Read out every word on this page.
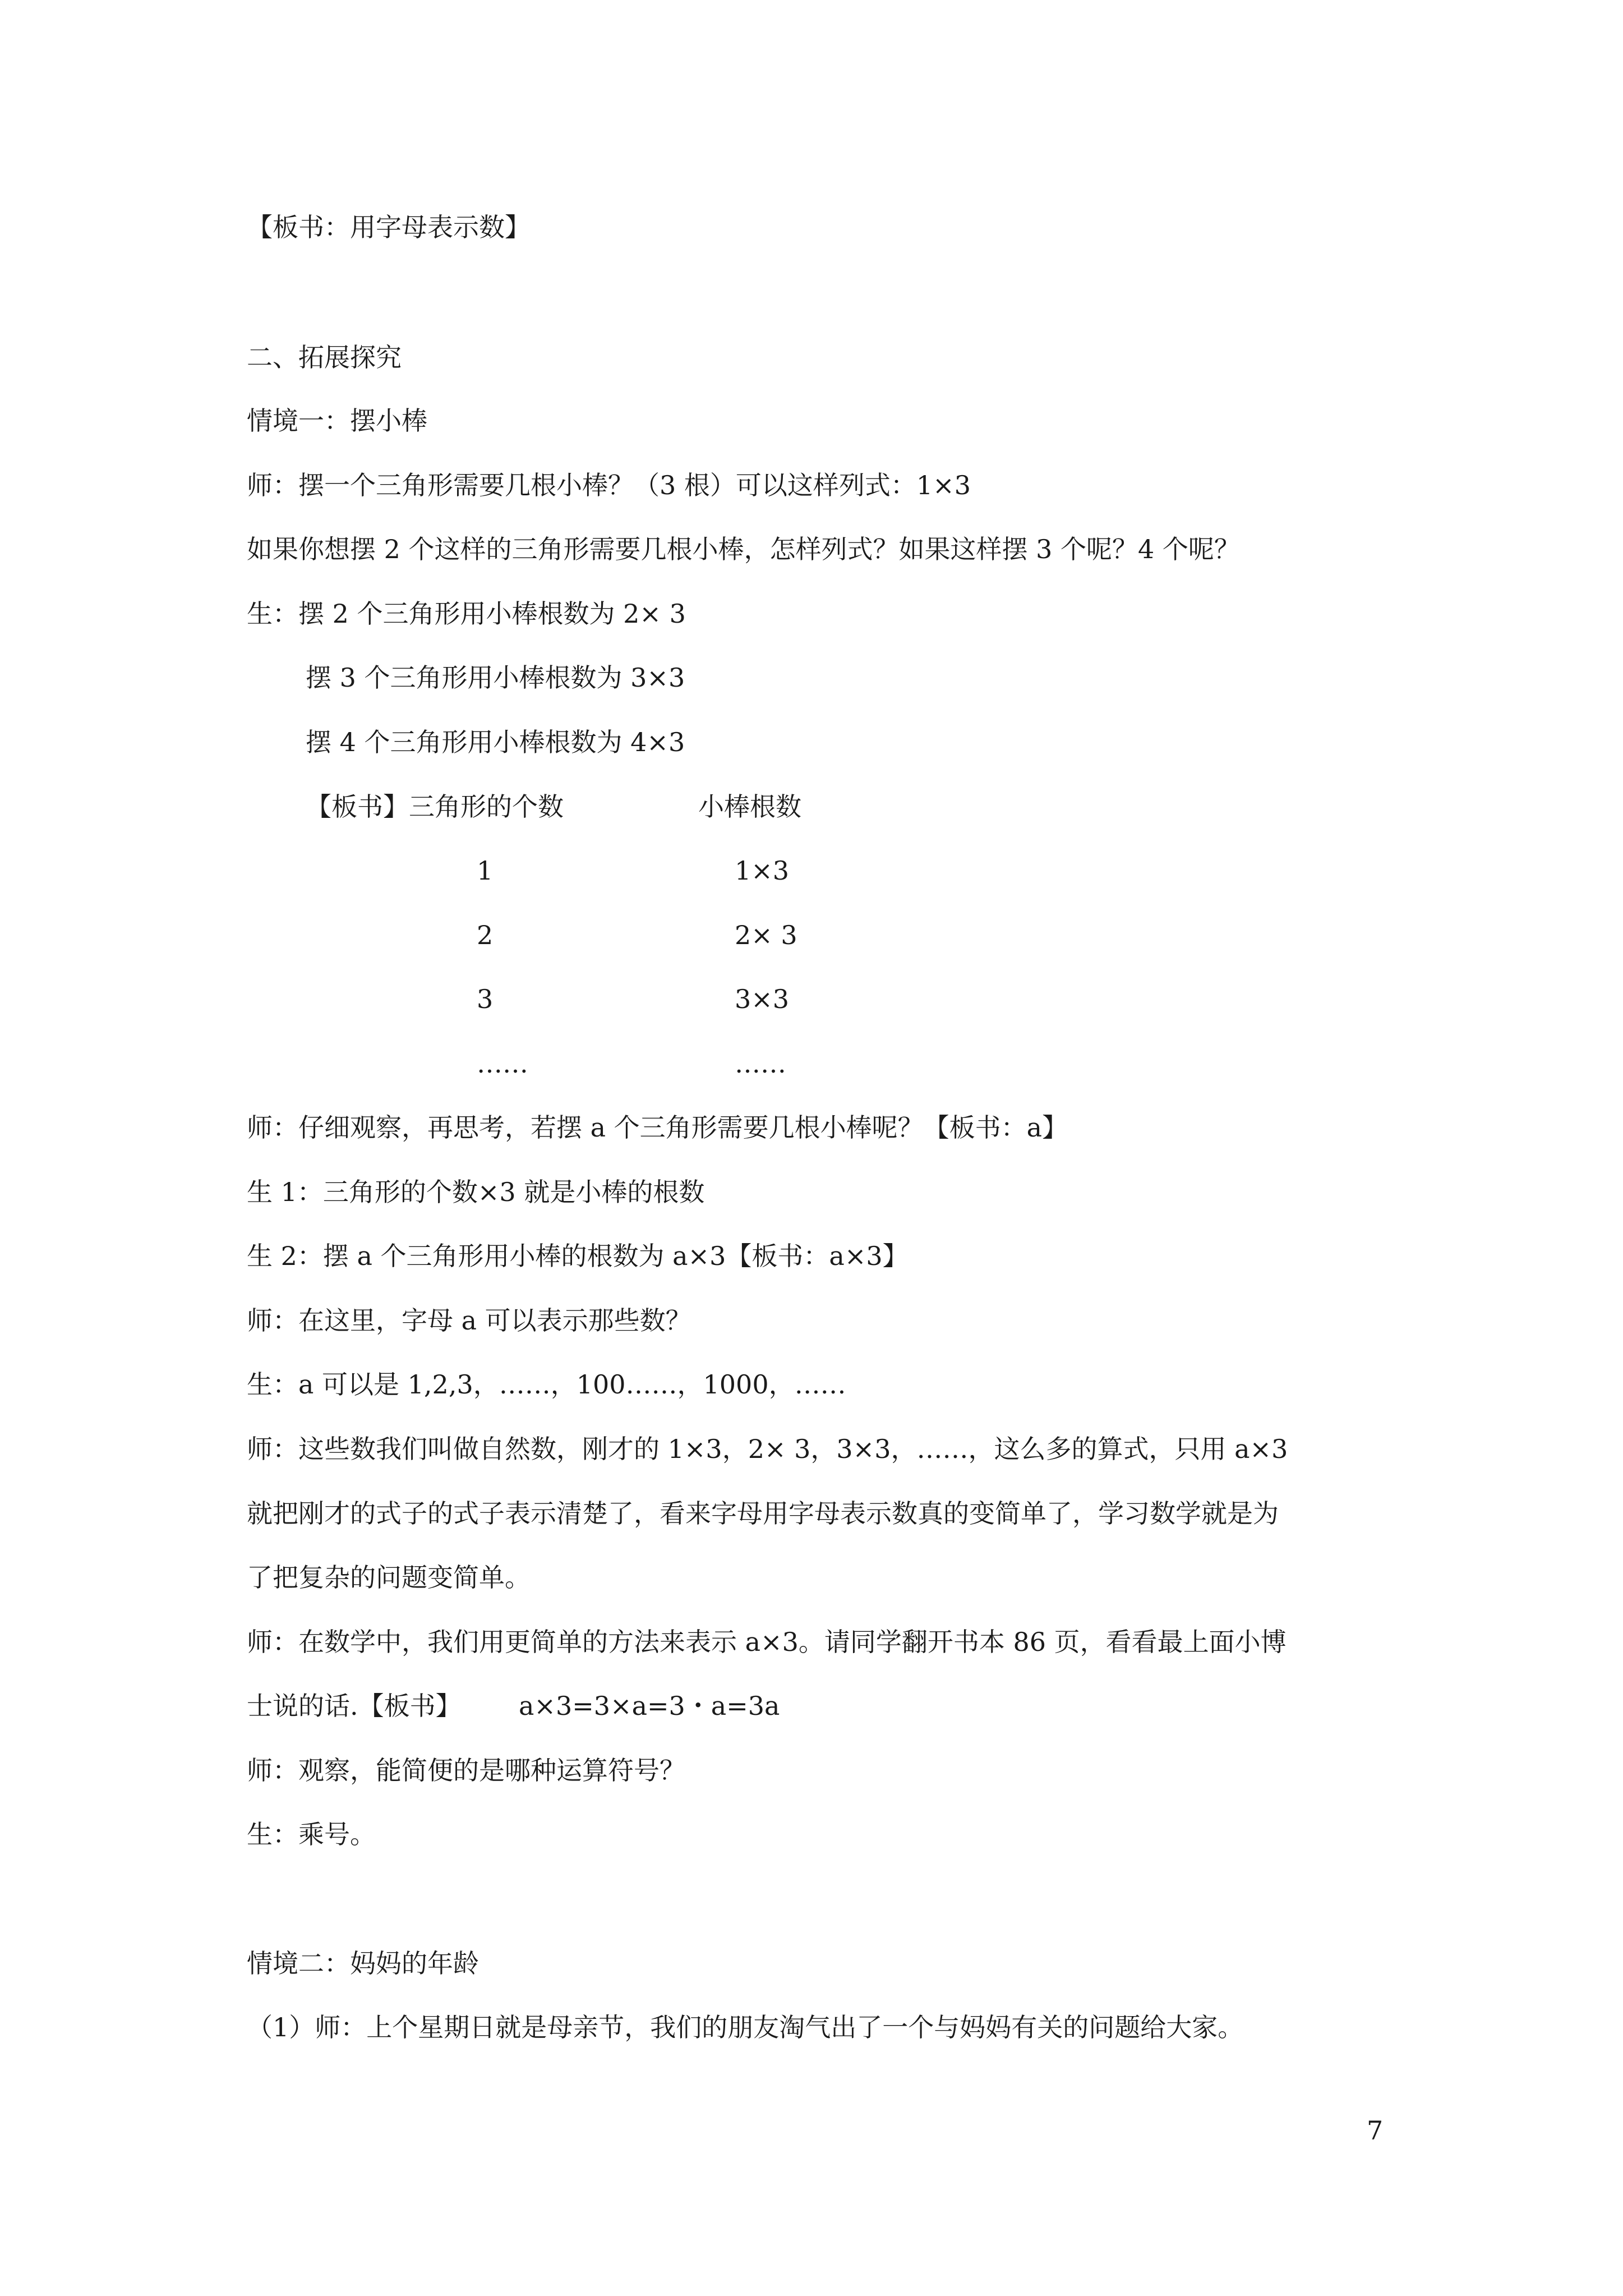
【板书：用字母表示数】
二、拓展探究
情境一：摆小棒
师：摆一个三角形需要几根小棒？（3 根）可以这样列式：1×3
如果你想摆 2 个这样的三角形需要几根小棒，怎样列式？如果这样摆 3 个呢？4 个呢？
生：摆 2 个三角形用小棒根数为 2× 3
摆 3 个三角形用小棒根数为 3×3
摆 4 个三角形用小棒根数为 4×3
【板书】三角形的个数	小棒根数
1	1×3
2	2× 3
3	3×3
……	……
师：仔细观察，再思考，若摆 a 个三角形需要几根小棒呢？【板书：a】
生 1：三角形的个数×3 就是小棒的根数
生 2：摆 a 个三角形用小棒的根数为 a×3【板书：a×3】
师：在这里，字母 a 可以表示那些数？
生：a 可以是 1,2,3，……，100……，1000，……
师：这些数我们叫做自然数，刚才的 1×3，2× 3，3×3，……，这么多的算式，只用 a×3
就把刚才的式子的式子表示清楚了，看来字母用字母表示数真的变简单了，学习数学就是为
了把复杂的问题变简单。
师：在数学中，我们用更简单的方法来表示 a×3。请同学翻开书本 86 页，看看最上面小博
士说的话.【板书】       a×3=3×a=3・a=3a
师：观察，能简便的是哪种运算符号？
生：乘号。
情境二：妈妈的年龄
（1）师：上个星期日就是母亲节，我们的朋友淘气出了一个与妈妈有关的问题给大家。
7
